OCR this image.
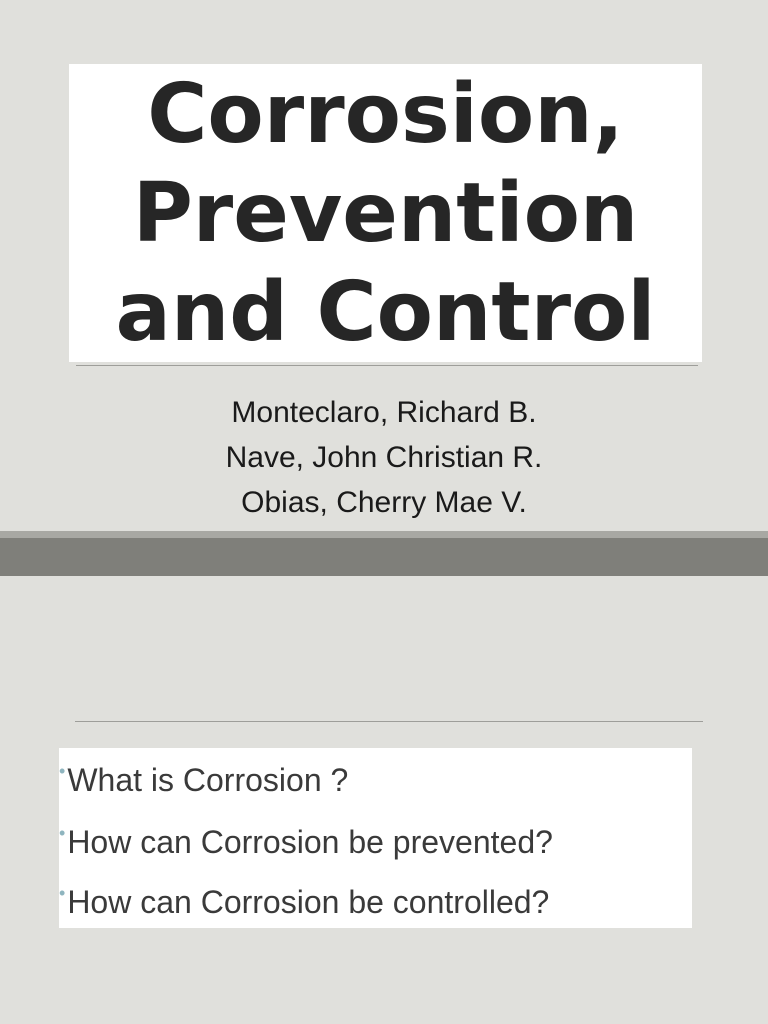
Corrosion,
Prevention
and Control
Monteclaro, Richard B.
Nave, John Christian R.
Obias, Cherry Mae V.
•What is Corrosion ?
•How can Corrosion be prevented?
•How can Corrosion be controlled?
